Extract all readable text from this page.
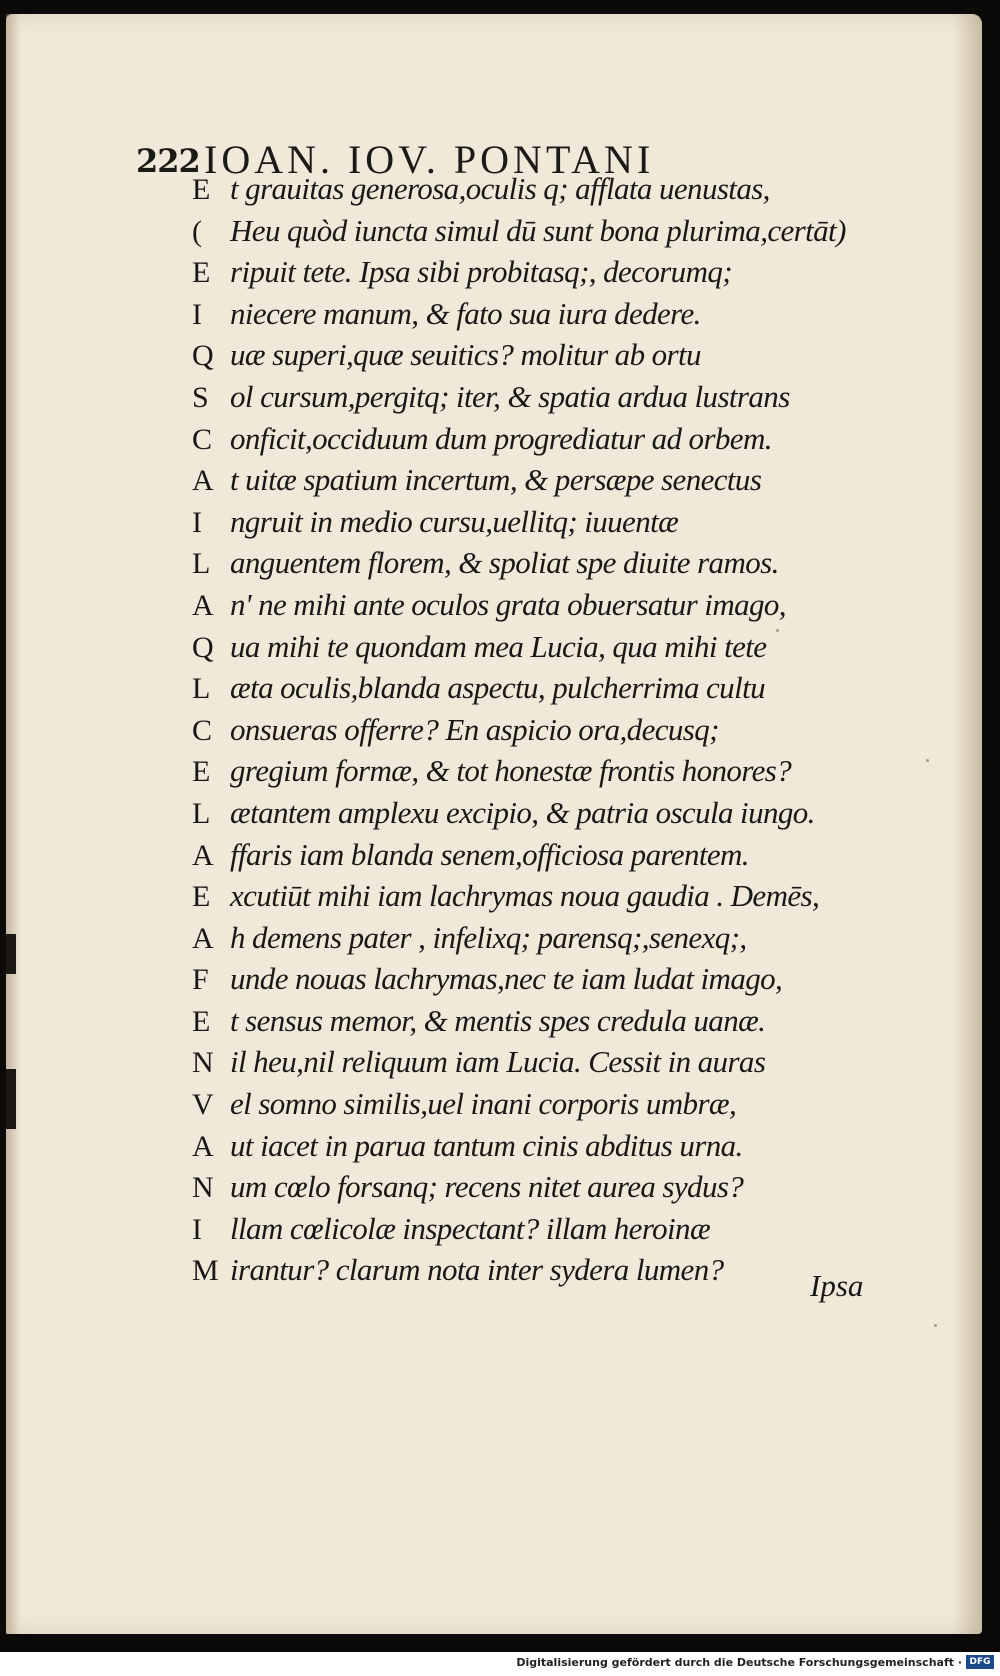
222 IOAN. IOV. PONTANI
E t grauitas generosa,oculis q; afflata uenustas,
( Heu quòd iuncta simul dū sunt bona plurima,certāt)
E ripuit tete. Ipsa sibi probitasq;, decorumq;
I niecere manum, & fato sua iura dedere.
Q uæ superi,quæ seuitics? molitur ab ortu
S ol cursum,pergitq; iter, & spatia ardua lustrans
C onficit,occiduum dum progrediatur ad orbem.
A t uitæ spatium incertum, & persæpe senectus
I ngruit in medio cursu,uellitq; iuuentæ
L anguentem florem, & spoliat spe diuite ramos.
A n' ne mihi ante oculos grata obuersatur imago,
Q ua mihi te quondam mea Lucia, qua mihi tete
L æta oculis,blanda aspectu, pulcherrima cultu
C onsueras offerre? En aspicio ora,decusq;
E gregium formæ, & tot honestæ frontis honores?
L ætantem amplexu excipio, & patria oscula iungo.
A ffaris iam blanda senem,officiosa parentem.
E xcutiūt mihi iam lachrymas noua gaudia . Demēs,
A h demens pater , infelixq; parensq;,senexq;,
F unde nouas lachrymas,nec te iam ludat imago,
E t sensus memor, & mentis spes credula uanæ.
N il heu,nil reliquum iam Lucia. Cessit in auras
V el somno similis,uel inani corporis umbræ,
A ut iacet in parua tantum cinis abditus urna.
N um cœlo forsanq; recens nitet aurea sydus?
I llam cœlicolæ inspectant? illam heroinæ
M irantur? clarum nota inter sydera lumen?	Ipsa
Digitalisierung gefördert durch die Deutsche Forschungsgemeinschaft · DFG
